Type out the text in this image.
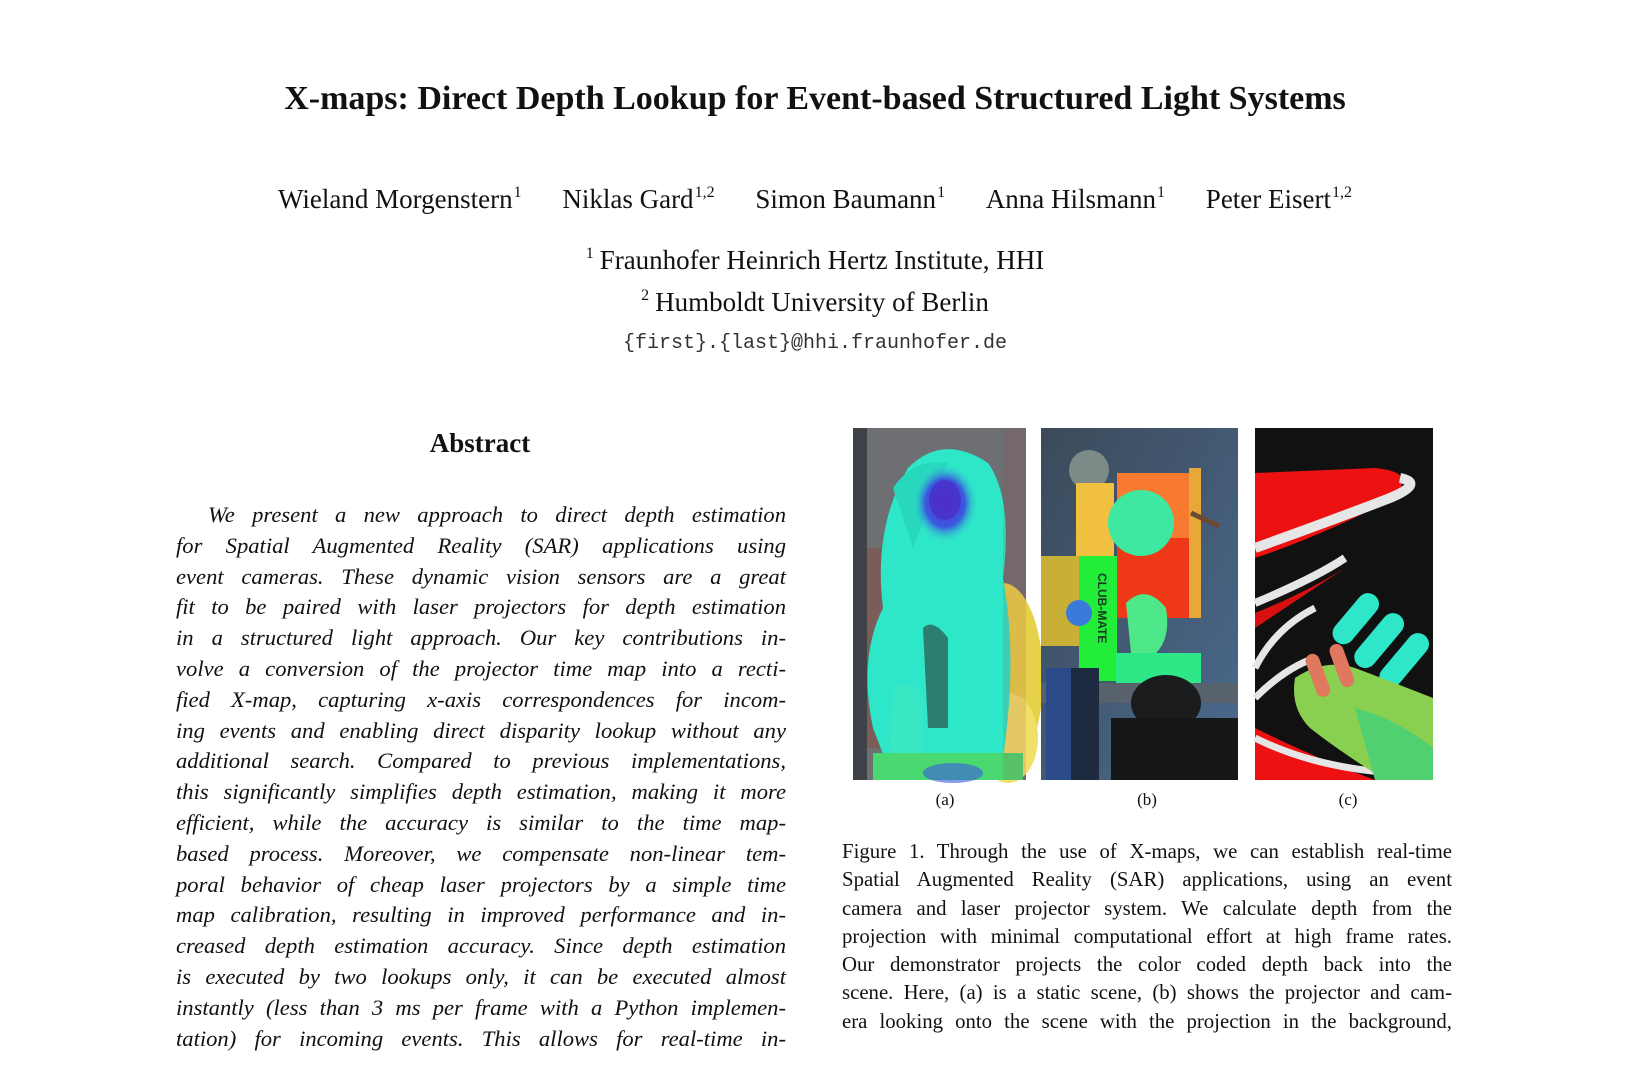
X-maps: Direct Depth Lookup for Event-based Structured Light Systems
Wieland Morgenstern$^1$ Niklas Gard$^{1,2}$ Simon Baumann$^1$ Anna Hilsmann$^1$ Peter Eisert$^{1,2}$
$^1$ Fraunhofer Heinrich Hertz Institute, HHI
$^2$ Humboldt University of Berlin
{first}.{last}@hhi.fraunhofer.de
Abstract
We present a new approach to direct depth estimation
for Spatial Augmented Reality (SAR) applications using
event cameras. These dynamic vision sensors are a great
fit to be paired with laser projectors for depth estimation
in a structured light approach. Our key contributions in-
volve a conversion of the projector time map into a recti-
fied X-map, capturing x-axis correspondences for incom-
ing events and enabling direct disparity lookup without any
additional search. Compared to previous implementations,
this significantly simplifies depth estimation, making it more
efficient, while the accuracy is similar to the time map-
based process. Moreover, we compensate non-linear tem-
poral behavior of cheap laser projectors by a simple time
map calibration, resulting in improved performance and in-
creased depth estimation accuracy. Since depth estimation
is executed by two lookups only, it can be executed almost
instantly (less than 3 ms per frame with a Python implemen-
tation) for incoming events. This allows for real-time in-
CLUB-MATE
(a)	(b)	(c)
Figure 1. Through the use of X-maps, we can establish real-time
Spatial Augmented Reality (SAR) applications, using an event
camera and laser projector system. We calculate depth from the
projection with minimal computational effort at high frame rates.
Our demonstrator projects the color coded depth back into the
scene. Here, (a) is a static scene, (b) shows the projector and cam-
era looking onto the scene with the projection in the background,
